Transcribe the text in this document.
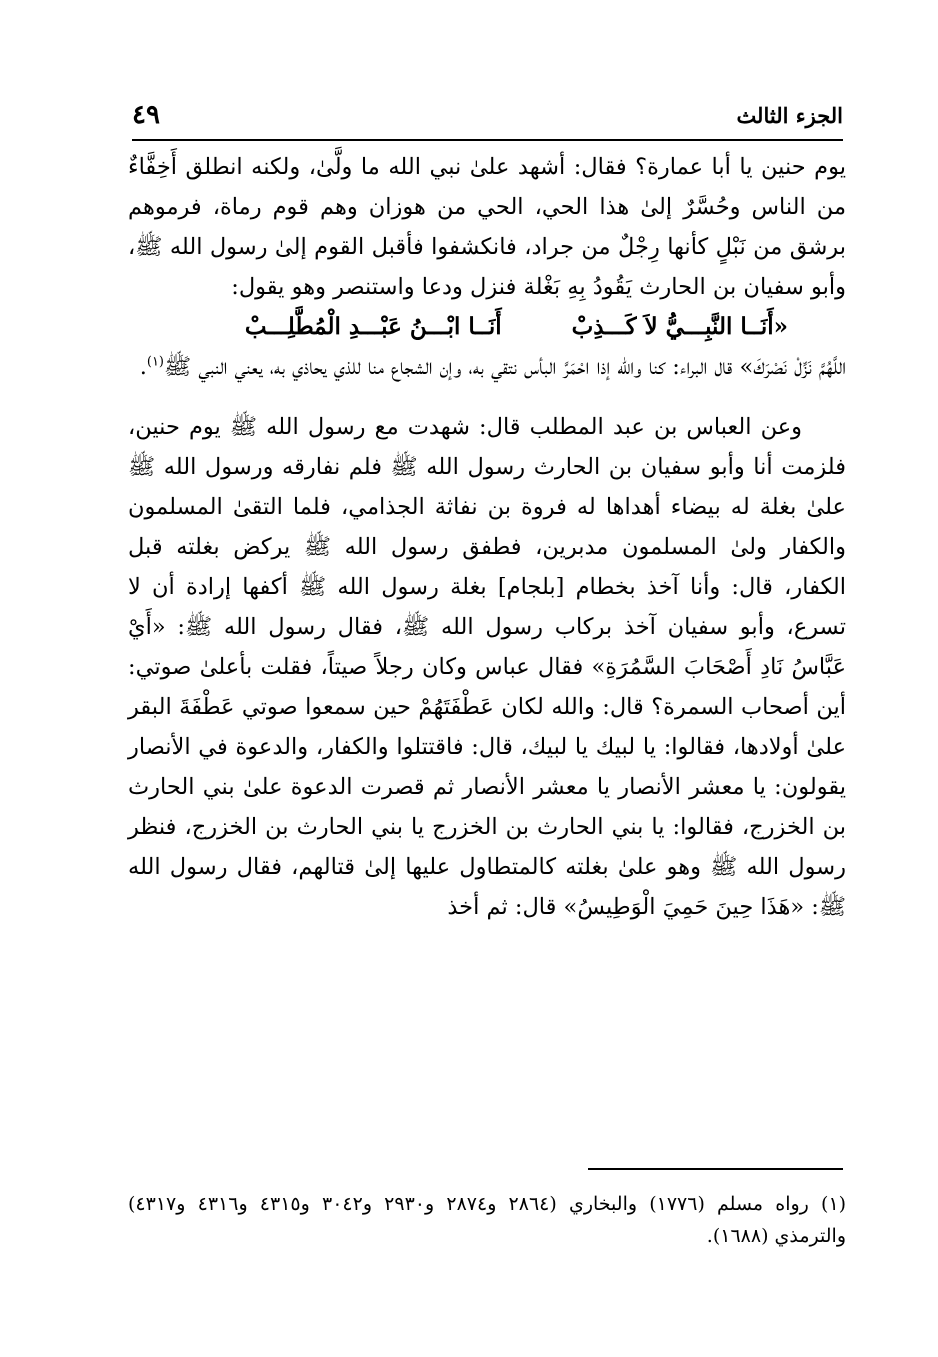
٤٩	الجزء الثالث

يوم حنين يا أبا عمارة؟ فقال: أشهد علىٰ نبي الله ما ولَّىٰ، ولكنه انطلق أَخِفَّاءٌ من الناس وحُسَّرٌ إلىٰ هذا الحي، الحي من هوزان وهم قوم رماة، فرموهم برشق من نَبْلٍ كأنها رِجْلٌ من جراد، فانكشفوا فأقبل القوم إلىٰ رسول الله ﷺ، وأبو سفيان بن الحارث يَقُودُ بِهِ بَغْلة فنزل ودعا واستنصر وهو يقول:

«أَنَــا النَّبِـــيُّ لاَ كَـــذِبْ
أَنَــا ابْـــنُ عَبْـــدِ الْمُطَّلِـــبْ

اللَّهُمَّ نَزِّلْ نَصْرَكَ» قال البراء: كنا والله إذا احْمَرَّ البأس نتقي به، وإن الشجاع منا للذي يحاذي به، يعني النبي ﷺ$^{(١)}$.

وعن العباس بن عبد المطلب قال: شهدت مع رسول الله ﷺ يوم حنين، فلزمت أنا وأبو سفيان بن الحارث رسول الله ﷺ فلم نفارقه ورسول الله ﷺ علىٰ بغلة له بيضاء أهداها له فروة بن نفاثة الجذامي، فلما التقىٰ المسلمون والكفار ولىٰ المسلمون مدبرين، فطفق رسول الله ﷺ يركض بغلته قبل الكفار، قال: وأنا آخذ بخطام [بلجام] بغلة رسول الله ﷺ أكفها إرادة أن لا تسرع، وأبو سفيان آخذ بركاب رسول الله ﷺ، فقال رسول الله ﷺ: «أَيْ عَبَّاسُ نَادِ أَصْحَابَ السَّمُرَةِ» فقال عباس وكان رجلاً صيتاً، فقلت بأعلىٰ صوتي: أين أصحاب السمرة؟ قال: والله لكان عَطْفَتَهُمْ حين سمعوا صوتي عَطْفَةَ البقر علىٰ أولادها، فقالوا: يا لبيك يا لبيك، قال: فاقتتلوا والكفار، والدعوة في الأنصار يقولون: يا معشر الأنصار يا معشر الأنصار ثم قصرت الدعوة علىٰ بني الحارث بن الخزرج، فقالوا: يا بني الحارث بن الخزرج يا بني الحارث بن الخزرج، فنظر رسول الله ﷺ وهو علىٰ بغلته كالمتطاول عليها إلىٰ قتالهم، فقال رسول الله ﷺ: «هَذَا حِينَ حَمِيَ الْوَطِيسُ» قال: ثم أخذ

(١) رواه مسلم (١٧٧٦) والبخاري (٢٨٦٤ و٢٨٧٤ و٢٩٣٠ و٣٠٤٢ و٤٣١٥ و٤٣١٦ و٤٣١٧) والترمذي (١٦٨٨).
